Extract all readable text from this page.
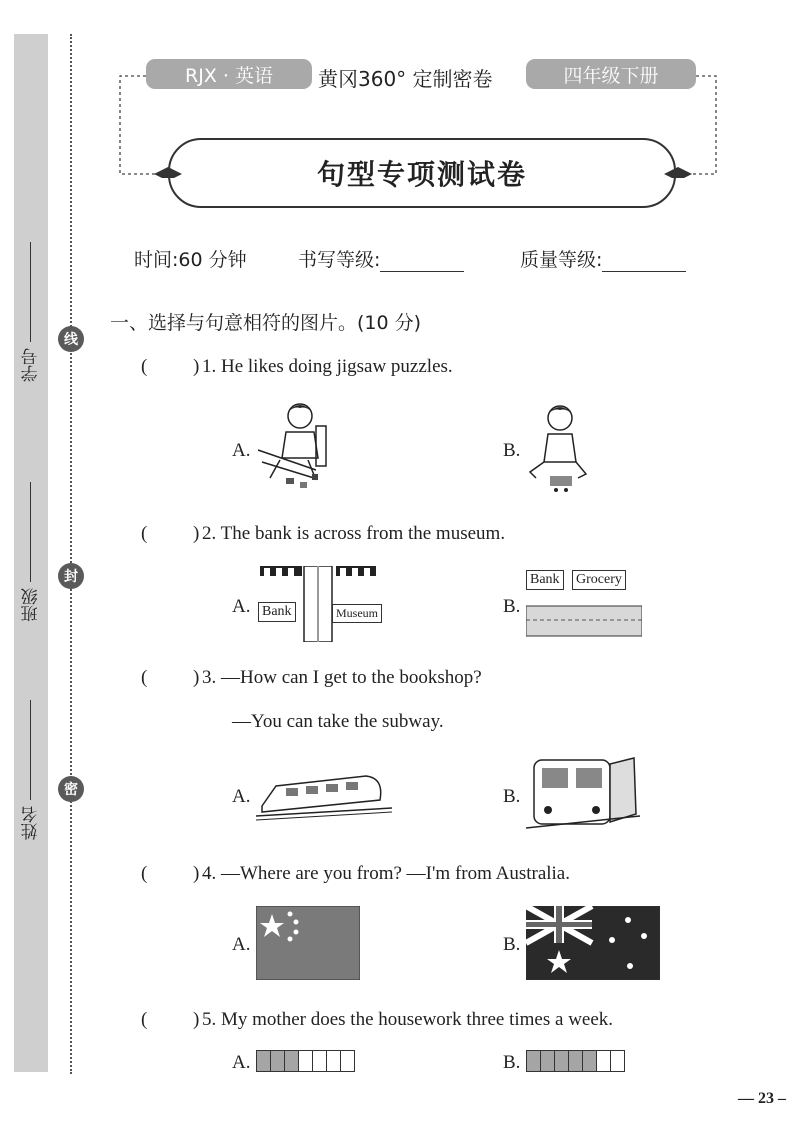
学号
班级
姓名
线
封
密
RJX · 英语	黄冈360° 定制密卷	四年级下册
句型专项测试卷
时间:60 分钟	书写等级:	质量等级:
一、选择与句意相符的图片。(10 分)
( ) 1. He likes doing jigsaw puzzles.
A.	B.
( ) 2. The bank is across from the museum.
A. Bank	Museum	B.
Bank Grocery
( ) 3. —How can I get to the bookshop?
—You can take the subway.
A.	B.
( ) 4. —Where are you from? —I'm from Australia.
A.	B.
( ) 5. My mother does the housework three times a week.
A.	B.
— 23 –
